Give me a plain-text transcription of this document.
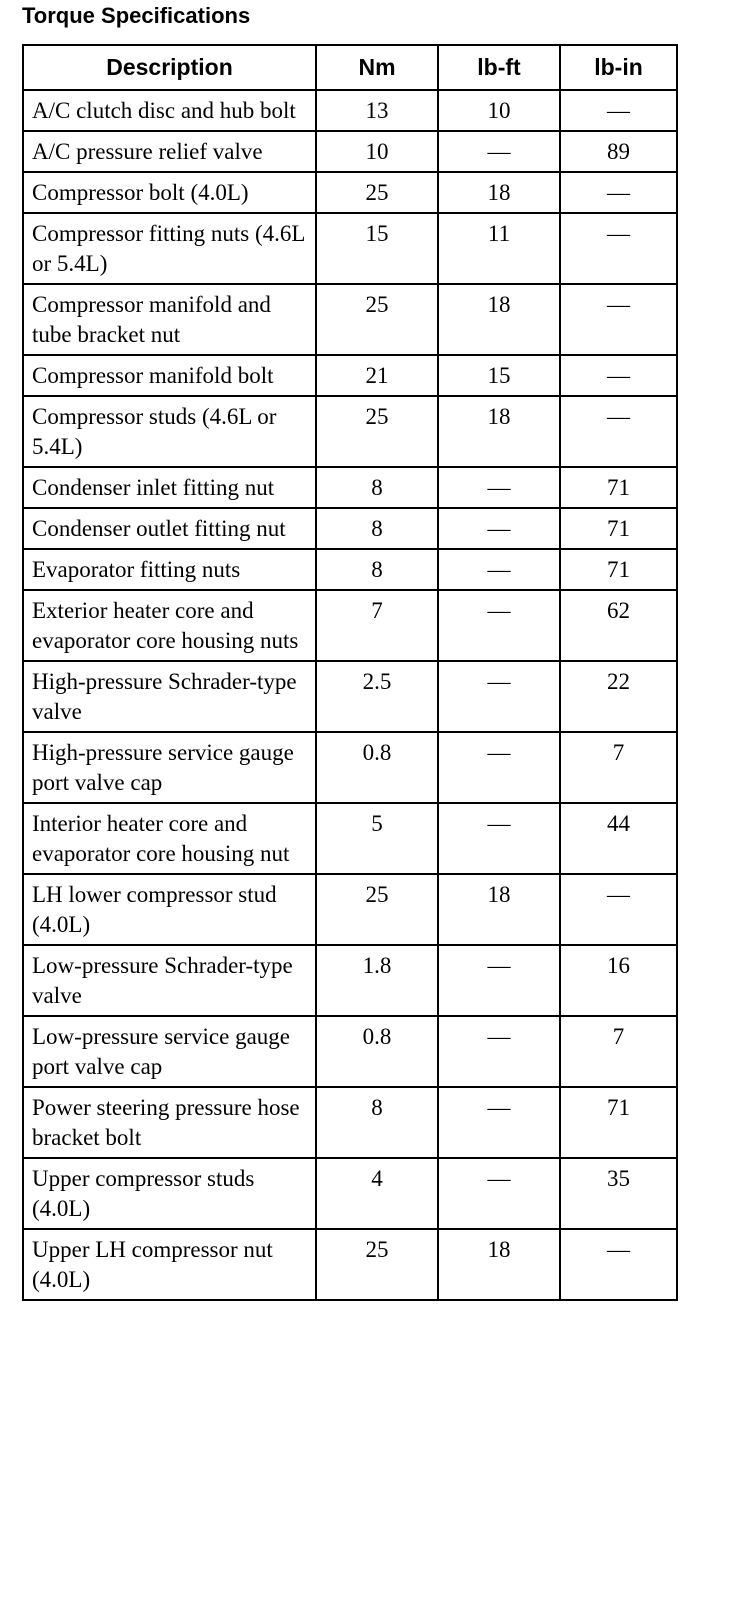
Torque Specifications
Description	Nm	lb-ft	lb-in
A/C clutch disc and hub bolt	13	10	—
A/C pressure relief valve	10	—	89
Compressor bolt (4.0L)	25	18	—
Compressor fitting nuts (4.6L or 5.4L)	15	11	—
Compressor manifold and tube bracket nut	25	18	—
Compressor manifold bolt	21	15	—
Compressor studs (4.6L or 5.4L)	25	18	—
Condenser inlet fitting nut	8	—	71
Condenser outlet fitting nut	8	—	71
Evaporator fitting nuts	8	—	71
Exterior heater core and evaporator core housing nuts	7	—	62
High-pressure Schrader-type valve	2.5	—	22
High-pressure service gauge port valve cap	0.8	—	7
Interior heater core and evaporator core housing nut	5	—	44
LH lower compressor stud (4.0L)	25	18	—
Low-pressure Schrader-type valve	1.8	—	16
Low-pressure service gauge port valve cap	0.8	—	7
Power steering pressure hose bracket bolt	8	—	71
Upper compressor studs (4.0L)	4	—	35
Upper LH compressor nut (4.0L)	25	18	—
